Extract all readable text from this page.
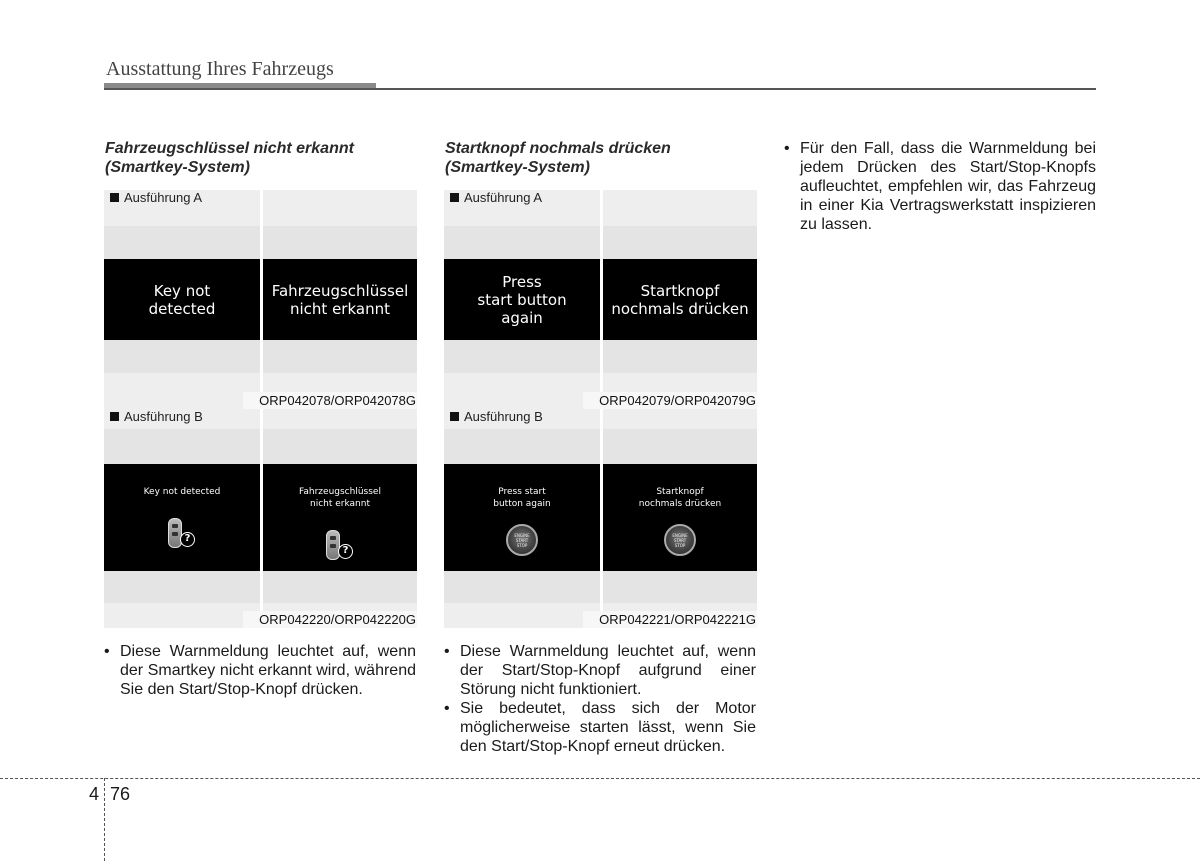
Ausstattung Ihres Fahrzeugs
Fahrzeugschlüssel nicht erkannt
(Smartkey-System)
Ausführung A
Key not
detected
Fahrzeugschlüssel
nicht erkannt
ORP042078/ORP042078G
Ausführung B
Key not detected
?
Fahrzeugschlüssel
nicht erkannt
?
ORP042220/ORP042220G
• Diese Warnmeldung leuchtet auf, wenn der Smartkey nicht erkannt wird, während Sie den Start/Stop-Knopf drücken.
Startknopf nochmals drücken
(Smartkey-System)
Ausführung A
Press
start button
again
Startknopf
nochmals drücken
ORP042079/ORP042079G
Ausführung B
Press start
button again
ENGINE
START
STOP
Startknopf
nochmals drücken
ENGINE
START
STOP
ORP042221/ORP042221G
• Diese Warnmeldung leuchtet auf, wenn der Start/Stop-Knopf aufgrund einer Störung nicht funktioniert.
• Sie bedeutet, dass sich der Motor möglicherweise starten lässt, wenn Sie den Start/Stop-Knopf erneut drücken.
• Für den Fall, dass die Warnmeldung bei jedem Drücken des Start/Stop-Knopfs aufleuchtet, empfehlen wir, das Fahrzeug in einer Kia Vertragswerkstatt inspizieren zu lassen.
4 76
